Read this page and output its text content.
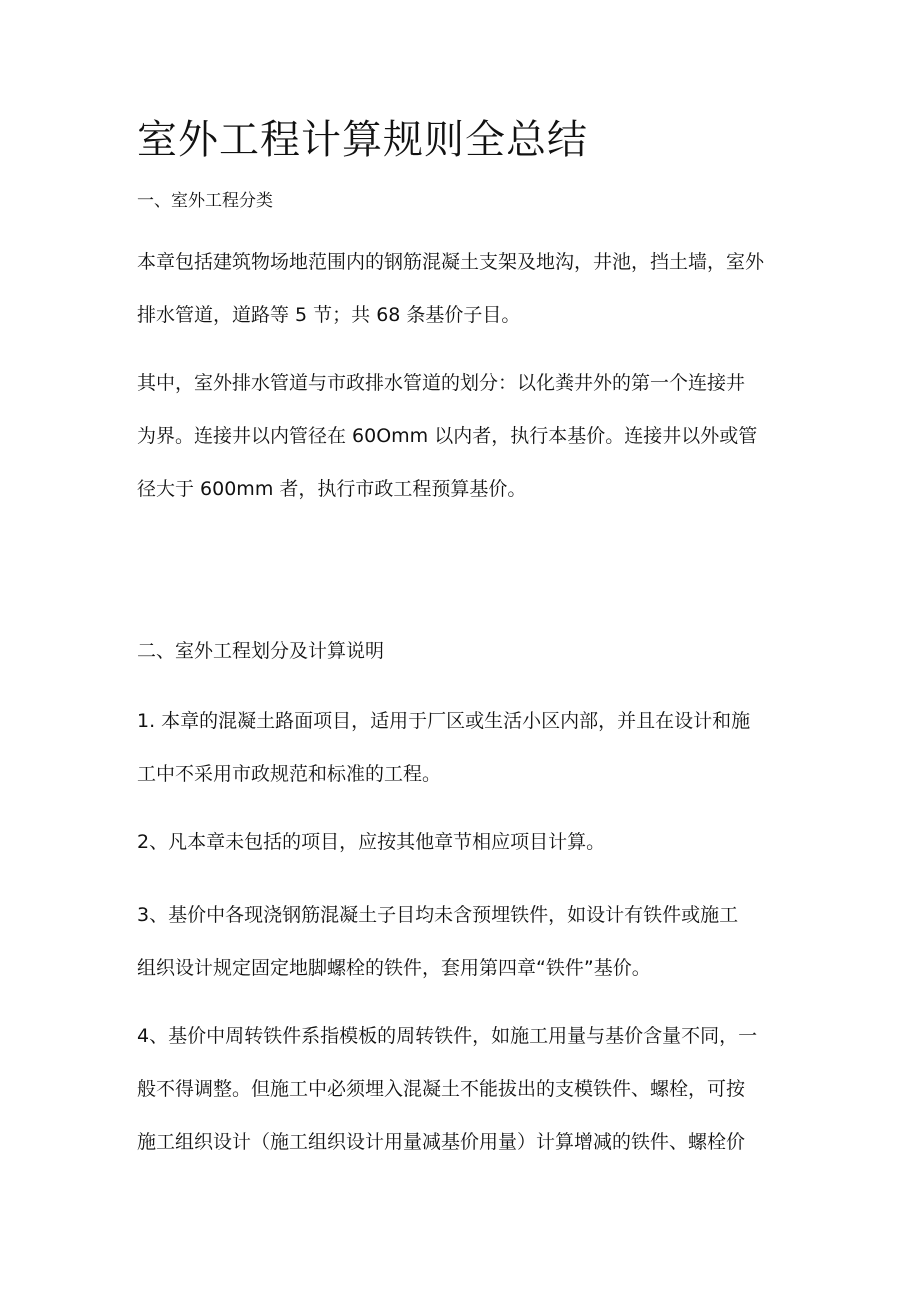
室外工程计算规则全总结
一、室外工程分类
本章包括建筑物场地范围内的钢筋混凝土支架及地沟，井池，挡土墙，室外
排水管道，道路等 5 节；共 68 条基价子目。
其中，室外排水管道与市政排水管道的划分：以化粪井外的第一个连接井
为界。连接井以内管径在 60Omm 以内者，执行本基价。连接井以外或管
径大于 600mm 者，执行市政工程预算基价。
二、室外工程划分及计算说明
1. 本章的混凝土路面项目，适用于厂区或生活小区内部，并且在设计和施
工中不采用市政规范和标准的工程。
2、凡本章未包括的项目，应按其他章节相应项目计算。
3、基价中各现浇钢筋混凝土子目均未含预埋铁件，如设计有铁件或施工
组织设计规定固定地脚螺栓的铁件，套用第四章“铁件”基价。
4、基价中周转铁件系指模板的周转铁件，如施工用量与基价含量不同，一
般不得调整。但施工中必须埋入混凝土不能拔出的支模铁件、螺栓，可按
施工组织设计（施工组织设计用量减基价用量）计算增减的铁件、螺栓价
